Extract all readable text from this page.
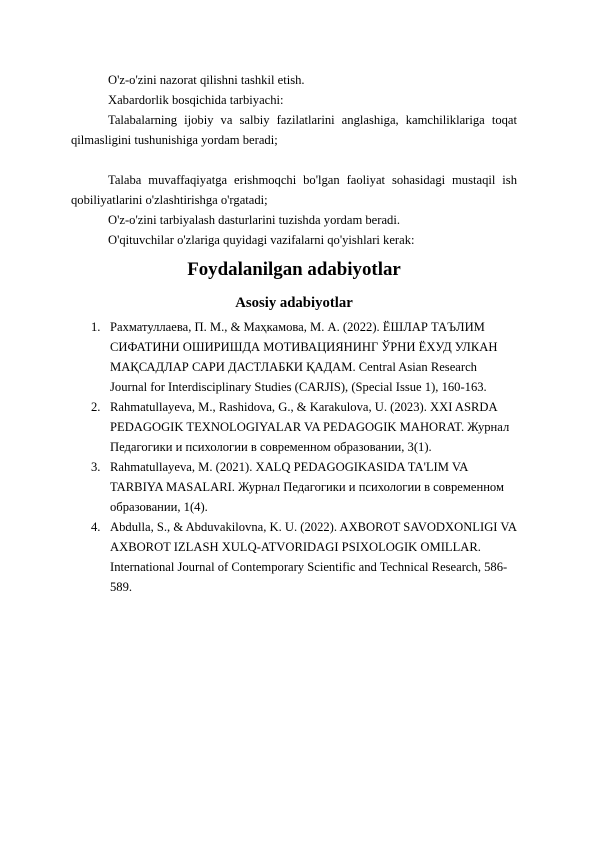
O'z-o'zini nazorat qilishni tashkil etish.

Xabardorlik bosqichida tarbiyachi:

Talabalarning ijobiy va salbiy fazilatlarini anglashiga, kamchiliklariga toqat qilmasligini tushunishiga yordam beradi;

Talaba muvaffaqiyatga erishmoqchi bo'lgan faoliyat sohasidagi mustaqil ish qobiliyatlarini o'zlashtirishga o'rgatadi;

O'z-o'zini tarbiyalash dasturlarini tuzishda yordam beradi.

O'qituvchilar o'zlariga quyidagi vazifalarni qo'yishlari kerak:

Foydalanilgan adabiyotlar
Asosiy adabiyotlar
1. Рахматуллаева, П. М., & Маҳкамова, М. А. (2022). ЁШЛАР ТАЪЛИМ СИФАТИНИ ОШИРИШДА МОТИВАЦИЯНИНГ ЎРНИ ЁХУД УЛКАН МАҚСАДЛАР САРИ ДАСТЛАБКИ ҚАДАМ. Central Asian Research Journal for Interdisciplinary Studies (CARJIS), (Special Issue 1), 160-163.
2. Rahmatullayeva, M., Rashidova, G., & Karakulova, U. (2023). XXI ASRDA PEDAGOGIK TEXNOLOGIYALAR VA PEDAGOGIK MAHORAT. Журнал Педагогики и психологии в современном образовании, 3(1).
3. Rahmatullayeva, M. (2021). XALQ PEDAGOGIKASIDA TA'LIM VA TARBIYA MASALARI. Журнал Педагогики и психологии в современном образовании, 1(4).
4. Abdulla, S., & Abduvakilovna, K. U. (2022). AXBOROT SAVODXONLIGI VA AXBOROT IZLASH XULQ-ATVORIDAGI PSIXOLOGIK OMILLAR. International Journal of Contemporary Scientific and Technical Research, 586-589.
